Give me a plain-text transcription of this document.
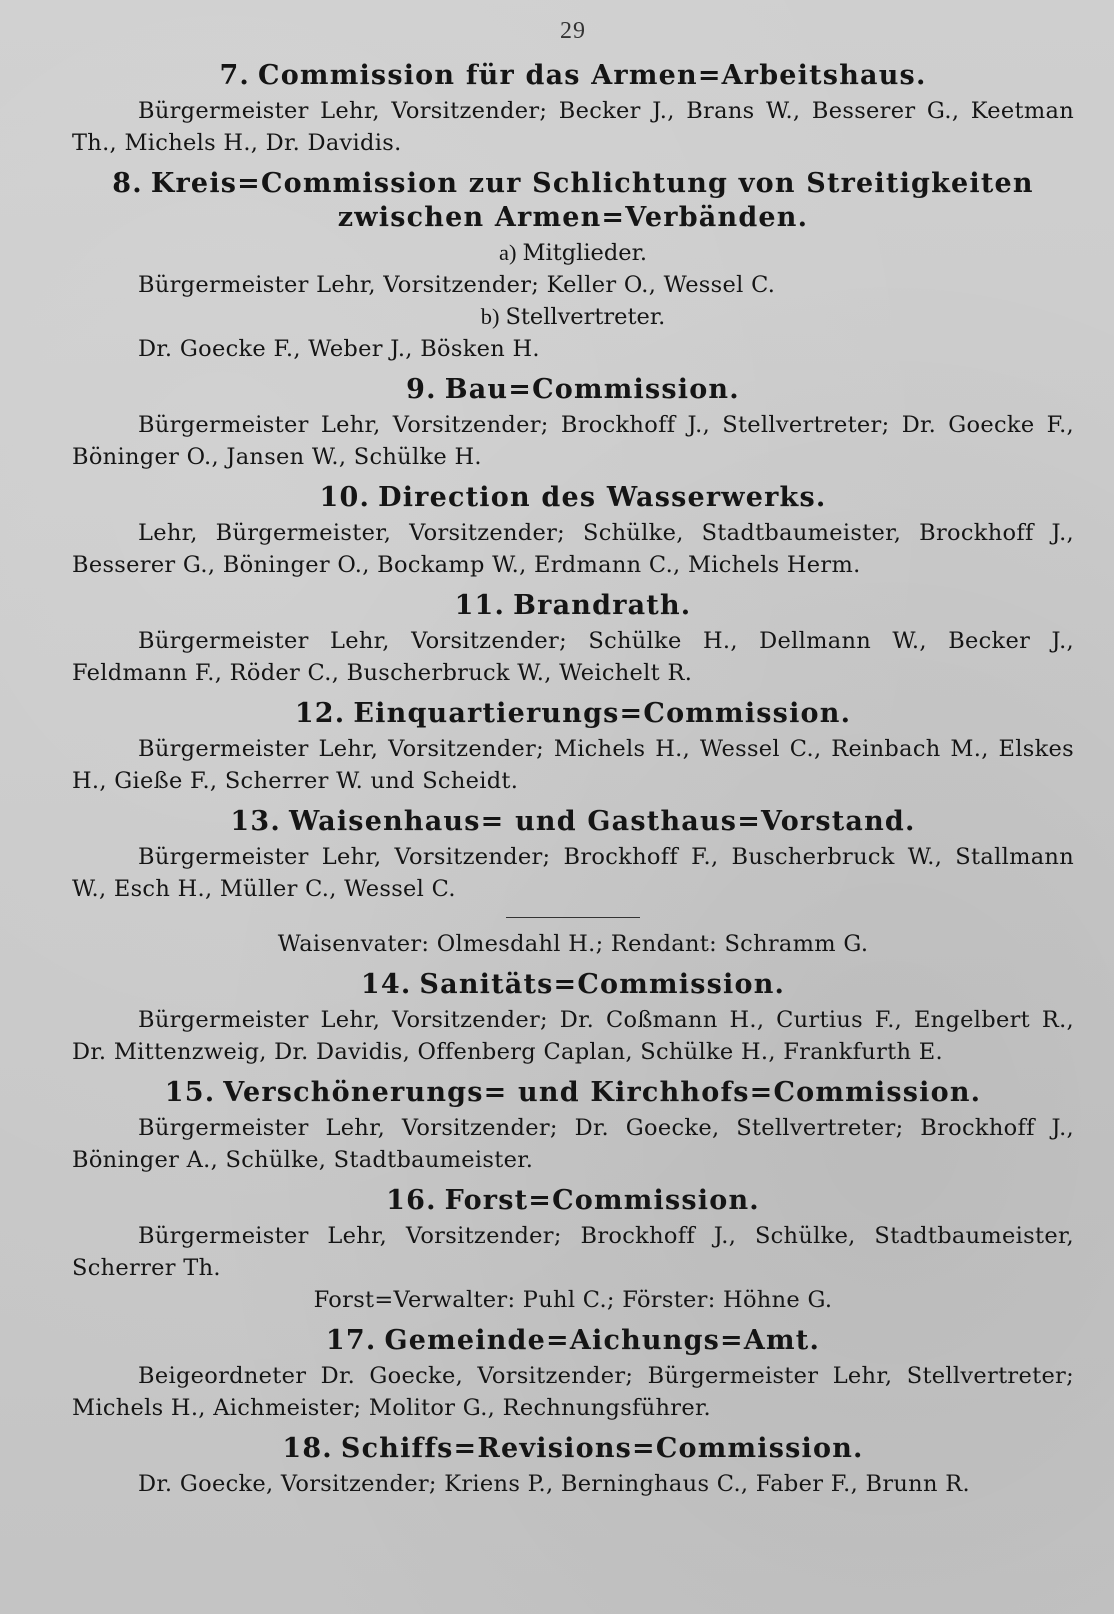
29
7. Commission für das Armen=Arbeitshaus.

Bürgermeister Lehr, Vorsitzender; Becker J., Brans W., Besserer G., Keetman Th., Michels H., Dr. Davidis.

8. Kreis=Commission zur Schlichtung von Streitigkeiten zwischen Armen=Verbänden.
a) Mitglieder.

Bürgermeister Lehr, Vorsitzender; Keller O., Wessel C.

b) Stellvertreter.

Dr. Goecke F., Weber J., Bösken H.

9. Bau=Commission.

Bürgermeister Lehr, Vorsitzender; Brockhoff J., Stellvertreter; Dr. Goecke F., Böninger O., Jansen W., Schülke H.

10. Direction des Wasserwerks.

Lehr, Bürgermeister, Vorsitzender; Schülke, Stadtbaumeister, Brockhoff J., Besserer G., Böninger O., Bockamp W., Erdmann C., Michels Herm.

11. Brandrath.

Bürgermeister Lehr, Vorsitzender; Schülke H., Dellmann W., Becker J., Feldmann F., Röder C., Buscherbruck W., Weichelt R.

12. Einquartierungs=Commission.

Bürgermeister Lehr, Vorsitzender; Michels H., Wessel C., Reinbach M., Elskes H., Gieße F., Scherrer W. und Scheidt.

13. Waisenhaus= und Gasthaus=Vorstand.

Bürgermeister Lehr, Vorsitzender; Brockhoff F., Buscherbruck W., Stallmann W., Esch H., Müller C., Wessel C.

Waisenvater: Olmesdahl H.; Rendant: Schramm G.
14. Sanitäts=Commission.

Bürgermeister Lehr, Vorsitzender; Dr. Coßmann H., Curtius F., Engelbert R., Dr. Mittenzweig, Dr. Davidis, Offenberg Caplan, Schülke H., Frankfurth E.

15. Verschönerungs= und Kirchhofs=Commission.

Bürgermeister Lehr, Vorsitzender; Dr. Goecke, Stellvertreter; Brockhoff J., Böninger A., Schülke, Stadtbaumeister.

16. Forst=Commission.

Bürgermeister Lehr, Vorsitzender; Brockhoff J., Schülke, Stadtbaumeister, Scherrer Th.

Forst=Verwalter: Puhl C.; Förster: Höhne G.
17. Gemeinde=Aichungs=Amt.

Beigeordneter Dr. Goecke, Vorsitzender; Bürgermeister Lehr, Stellvertreter; Michels H., Aichmeister; Molitor G., Rechnungsführer.

18. Schiffs=Revisions=Commission.

Dr. Goecke, Vorsitzender; Kriens P., Berninghaus C., Faber F., Brunn R.
